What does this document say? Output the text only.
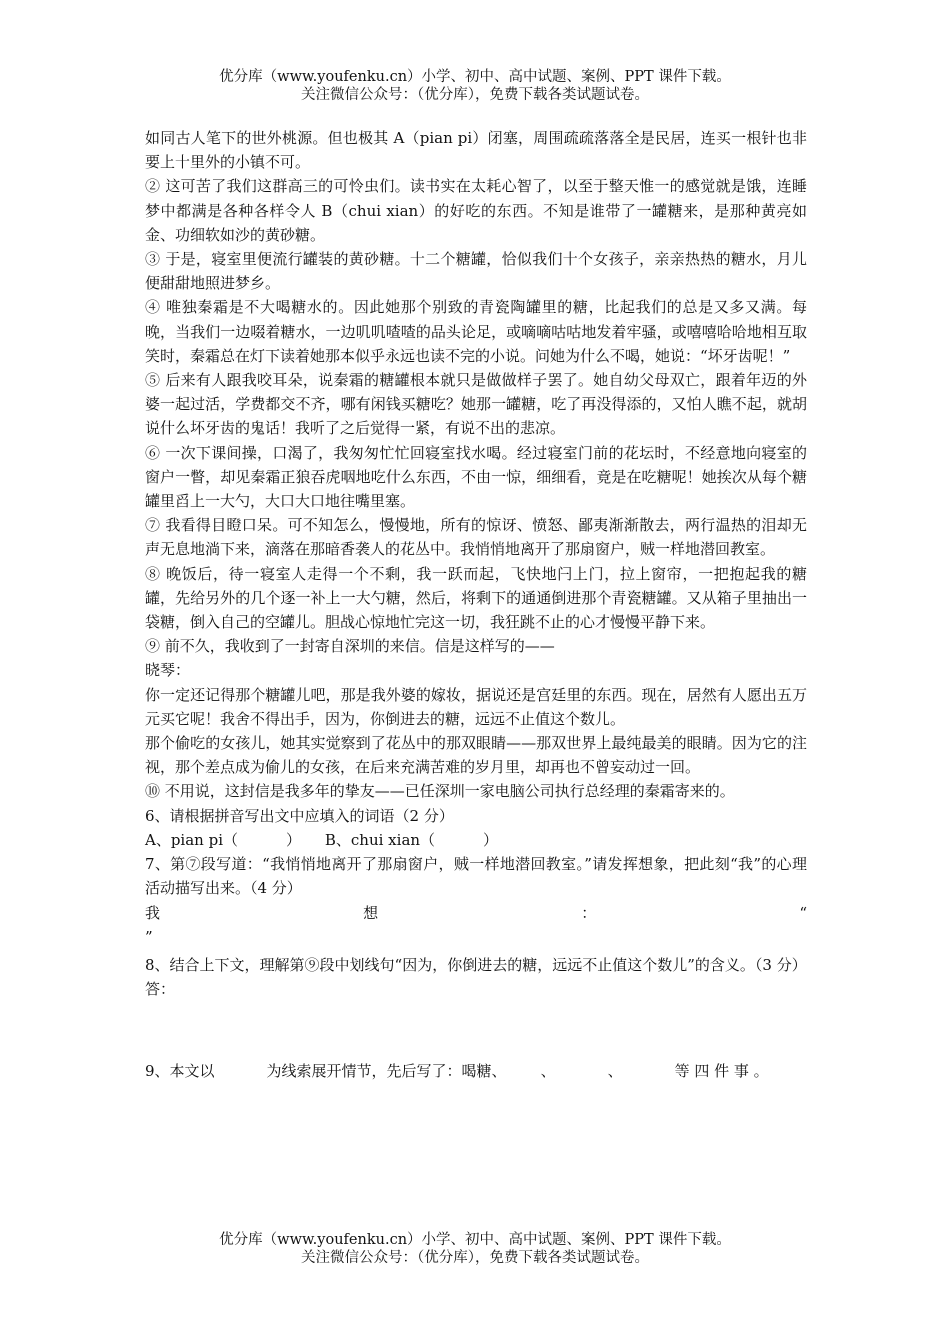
优分库（www.youfenku.cn）小学、初中、高中试题、案例、PPT 课件下载。
关注微信公众号：（优分库），免费下载各类试题试卷。

如同古人笔下的世外桃源。但也极其 A（pian pi）闭塞，周围疏疏落落全是民居，连买一根针也非要上十里外的小镇不可。

② 这可苦了我们这群高三的可怜虫们。读书实在太耗心智了，以至于整天惟一的感觉就是饿，连睡梦中都满是各种各样令人 B（chui xian）的好吃的东西。不知是谁带了一罐糖来，是那种黄亮如金、功细软如沙的黄砂糖。

③ 于是，寝室里便流行罐装的黄砂糖。十二个糖罐，恰似我们十个女孩子，亲亲热热的糖水，月儿便甜甜地照进梦乡。

④ 唯独秦霜是不大喝糖水的。因此她那个别致的青瓷陶罐里的糖，比起我们的总是又多又满。每晚，当我们一边啜着糖水，一边叽叽喳喳的品头论足，或嘀嘀咕咕地发着牢骚，或嘻嘻哈哈地相互取笑时，秦霜总在灯下读着她那本似乎永远也读不完的小说。问她为什么不喝，她说：“坏牙齿呢！”

⑤ 后来有人跟我咬耳朵，说秦霜的糖罐根本就只是做做样子罢了。她自幼父母双亡，跟着年迈的外婆一起过活，学费都交不齐，哪有闲钱买糖吃？她那一罐糖，吃了再没得添的，又怕人瞧不起，就胡说什么坏牙齿的鬼话！我听了之后觉得一紧，有说不出的悲凉。

⑥ 一次下课间操，口渴了，我匆匆忙忙回寝室找水喝。经过寝室门前的花坛时，不经意地向寝室的窗户一瞥，却见秦霜正狼吞虎咽地吃什么东西，不由一惊，细细看，竟是在吃糖呢！她挨次从每个糖罐里舀上一大勺，大口大口地往嘴里塞。

⑦ 我看得目瞪口呆。可不知怎么，慢慢地，所有的惊讶、愤怒、鄙夷渐渐散去，两行温热的泪却无声无息地淌下来，滴落在那暗香袭人的花丛中。我悄悄地离开了那扇窗户，贼一样地潜回教室。

⑧ 晚饭后，待一寝室人走得一个不剩，我一跃而起，飞快地闩上门，拉上窗帘，一把抱起我的糖罐，先给另外的几个逐一补上一大勺糖，然后，将剩下的通通倒进那个青瓷糖罐。又从箱子里抽出一袋糖，倒入自己的空罐儿。胆战心惊地忙完这一切，我狂跳不止的心才慢慢平静下来。

⑨ 前不久，我收到了一封寄自深圳的来信。信是这样写的——

晓琴：

你一定还记得那个糖罐儿吧，那是我外婆的嫁妆，据说还是宫廷里的东西。现在，居然有人愿出五万元买它呢！我舍不得出手，因为，你倒进去的糖，远远不止值这个数儿。

那个偷吃的女孩儿，她其实觉察到了花丛中的那双眼睛——那双世界上最纯最美的眼睛。因为它的注视，那个差点成为偷儿的女孩，在后来充满苦难的岁月里，却再也不曾妄动过一回。

⑩ 不用说，这封信是我多年的挚友——已任深圳一家电脑公司执行总经理的秦霜寄来的。

6、请根据拼音写出文中应填入的词语（2 分）

A、pian pi（	） B、chui xian（	）

7、第⑦段写道：“我悄悄地离开了那扇窗户，贼一样地潜回教室。”请发挥想象，把此刻“我”的心理活动描写出来。（4 分）

我	想	：	“

”

8、结合上下文，理解第⑨段中划线句“因为，你倒进去的糖，远远不止值这个数儿”的含义。（3 分）

答：

9、本文以	为线索展开情节，先后写了：喝糖、 、	、	等 四 件 事 。

优分库（www.youfenku.cn）小学、初中、高中试题、案例、PPT 课件下载。
关注微信公众号：（优分库），免费下载各类试题试卷。
